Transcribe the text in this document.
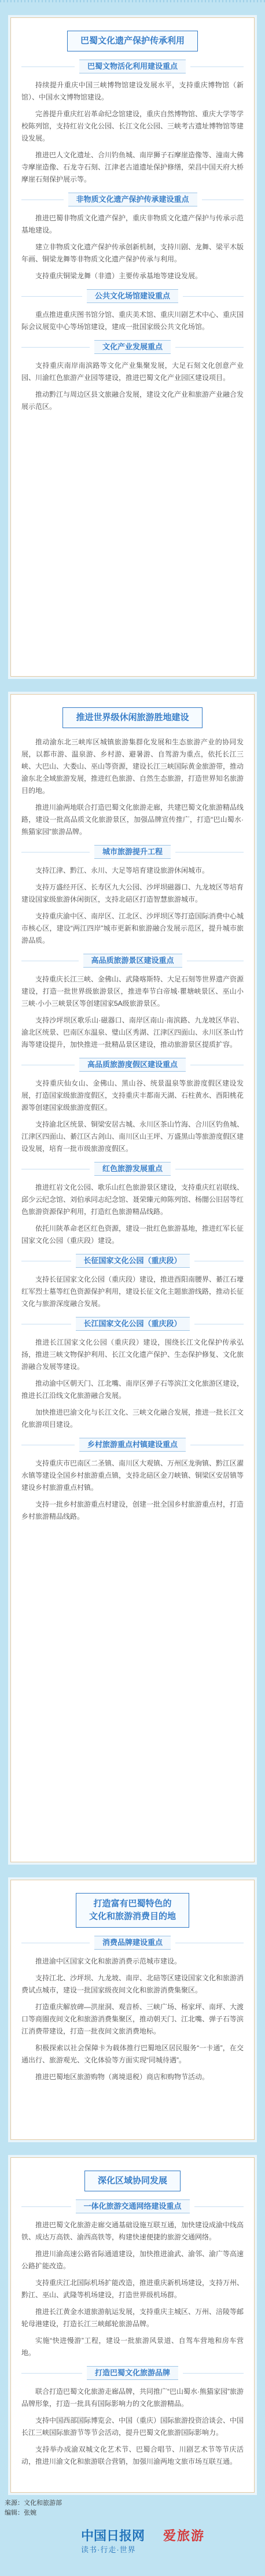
巴蜀文化遗产保护传承利用
巴蜀文物活化利用建设重点

持续提升重庆中国三峡博物馆建设发展水平，支持重庆博物馆（新馆）、中国水文博物馆建设。

完善提升重庆红岩革命纪念馆建设，重庆自然博物馆、重庆大学等学校陈列馆，支持红岩文化公园、长江文化公园、三峡考古遗址博物馆等建设发展。

推进巴人文化遗址、合川钓鱼城、南岸狮子石摩崖造像等、潼南大佛寺摩崖造像、石龙寺石刻、江津老古道遗址保护修缮，荣昌中国天府大桥摩崖石刻保护展示等。

非物质文化遗产保护传承建设重点

推进巴蜀非物质文化遗产保护，重庆非物质文化遗产保护与传承示范基地建设。

建立非物质文化遗产保护传承创新机制，支持川剧、龙舞、梁平木版年画、铜梁龙舞等非物质文化遗产保护传承与利用。

支持重庆铜梁龙舞（非遗）主要传承基地等建设发展。

公共文化场馆建设重点

重点推进重庆图书馆分馆、重庆美术馆、重庆川剧艺术中心、重庆国际会议展览中心等场馆建设，建成一批国家级公共文化场馆。

文化产业发展重点

支持重庆南岸南滨路等文化产业集聚发展，大足石刻文化创意产业园、川渝红色旅游产业园等建设，推进巴蜀文化产业园区建设项目。

推动黔江与周边区县文旅融合发展，建设文化产业和旅游产业融合发展示范区。

推进世界级休闲旅游胜地建设

推动渝东北三峡库区城镇旅游集群化发展和生态旅游产业的协同发展，以都市游、温泉游、乡村游、避暑游、自驾游为重点，依托长江三峡、大巴山、大娄山、巫山等资源，建设长江三峡国际黄金旅游带，推动渝东北全域旅游发展，推进红色旅游、自然生态旅游，打造世界知名旅游目的地。

推进川渝两地联合打造巴蜀文化旅游走廊，共建巴蜀文化旅游精品线路，建设一批高品质文化旅游景区，加强品牌宣传推广，打造“巴山蜀水·熊猫家园”旅游品牌。

城市旅游提升工程

支持江津、黔江、永川、大足等培育建设旅游休闲城市。

支持万盛经开区、长寿区九大公园、沙坪坝磁器口、九龙坡区等培育建设国家级旅游休闲街区，支持北碚区打造智慧旅游城市。

支持重庆渝中区、南岸区、江北区、沙坪坝区等打造国际消费中心城市核心区，建设“两江四岸”城市更新和旅游融合发展示范区，提升城市旅游品质。

高品质旅游景区建设重点

支持重庆长江三峡、金佛山、武隆喀斯特、大足石刻等世界遗产资源建设，打造一批世界级旅游景区，推进奉节白帝城·瞿塘峡景区、巫山小三峡·小小三峡景区等创建国家5A级旅游景区。

支持沙坪坝区歌乐山·磁器口、南岸区南山·南滨路、九龙坡区华岩、渝北区统景、巴南区东温泉、璧山区秀湖、江津区四面山、永川区茶山竹海等建设提升，加快推进一批精品景区建设，推动旅游景区提质扩容。

高品质旅游度假区建设重点

支持重庆仙女山、金佛山、黑山谷、统景温泉等旅游度假区建设发展，打造国家级旅游度假区，支持重庆丰都南天湖、石柱黄水、酉阳桃花源等创建国家级旅游度假区。

支持渝北区统景、铜梁安居古城、永川区茶山竹海、合川区钓鱼城、江津区四面山、綦江区古剑山、南川区山王坪、万盛黑山等旅游度假区建设发展，培育一批市级旅游度假区。

红色旅游发展重点

推进红岩文化公园、歌乐山红色旅游景区建设，支持重庆红岩联线、邱少云纪念馆、刘伯承同志纪念馆、聂荣臻元帅陈列馆、杨闇公旧居等红色旅游资源保护利用，打造红色旅游精品线路。

依托川陕革命老区红色资源，建设一批红色旅游基地，推进红军长征国家文化公园（重庆段）建设。

长征国家文化公园（重庆段）

支持长征国家文化公园（重庆段）建设，推进酉阳南腰界、綦江石壕红军烈士墓等红色资源保护利用，建设长征文化主题旅游线路，推动长征文化与旅游深度融合发展。

长江国家文化公园（重庆段）

推进长江国家文化公园（重庆段）建设，围绕长江文化保护传承弘扬，推进三峡文物保护利用、长江文化遗产保护、生态保护修复、文化旅游融合发展等建设。

推动渝中区朝天门、江北嘴、南岸区弹子石等滨江文化旅游区建设，推进长江沿线文化旅游融合发展。

加快推进巴渝文化与长江文化、三峡文化融合发展，推进一批长江文化旅游项目建设。

乡村旅游重点村镇建设重点

支持重庆市巴南区二圣镇、南川区大观镇、万州区龙驹镇、黔江区濯水镇等建设全国乡村旅游重点镇，支持北碚区金刀峡镇、铜梁区安居镇等建设乡村旅游重点村镇。

支持一批乡村旅游重点村建设，创建一批全国乡村旅游重点村，打造乡村旅游精品线路。

打造富有巴蜀特色的
文化和旅游消费目的地
消费品牌建设重点

推进渝中区国家文化和旅游消费示范城市建设。

支持江北、沙坪坝、九龙坡、南岸、北碚等区建设国家文化和旅游消费试点城市，建设一批国家级夜间文化和旅游消费集聚区。

打造重庆解放碑—洪崖洞、观音桥、三峡广场、杨家坪、南坪、大渡口等商圈夜间文化和旅游消费集聚区，推动朝天门、江北嘴、弹子石等滨江消费带建设，打造一批夜间文旅消费地标。

积极探索以社会保障卡为载体推行巴蜀地区居民服务“一卡通”，在交通出行、旅游观光、文化体验等方面实现“同城待遇”。

推进巴蜀地区旅游购物（离境退税）商店和购物节活动。

深化区域协同发展
一体化旅游交通网络建设重点

推进巴蜀文化旅游走廊交通基础设施互联互通，加快建设成渝中线高铁、成达万高铁、渝西高铁等，构建快速便捷的旅游交通网络。

推进川渝高速公路省际通道建设，加快推进渝武、渝邻、渝广等高速公路扩能改造。

支持重庆江北国际机场扩能改造，推进重庆新机场建设，支持万州、黔江、巫山、武隆等机场建设，打造世界级机场群。

推进长江黄金水道旅游航运发展，支持重庆主城区、万州、涪陵等邮轮母港建设，打造长江三峡邮轮旅游品牌。

实施“快进慢游”工程，建设一批旅游风景道、自驾车营地和房车营地。

打造巴蜀文化旅游品牌

联合打造巴蜀文化旅游走廊品牌，共同推广“巴山蜀水·熊猫家园”旅游品牌形象，打造一批具有国际影响力的文化旅游精品。

支持中国西部国际博览会、中国（重庆）国际旅游投资洽谈会、中国长江三峡国际旅游节等节会活动，提升巴蜀文化旅游国际影响力。

支持举办成渝双城文化艺术节、巴蜀合唱节、川剧艺术节等节庆活动，推进川渝文化和旅游联合营销，加强川渝两地文旅市场互联互通。

来源：文化和旅游部
编辑：张婉
中国日报网 爱旅游
读书·行走·世界
